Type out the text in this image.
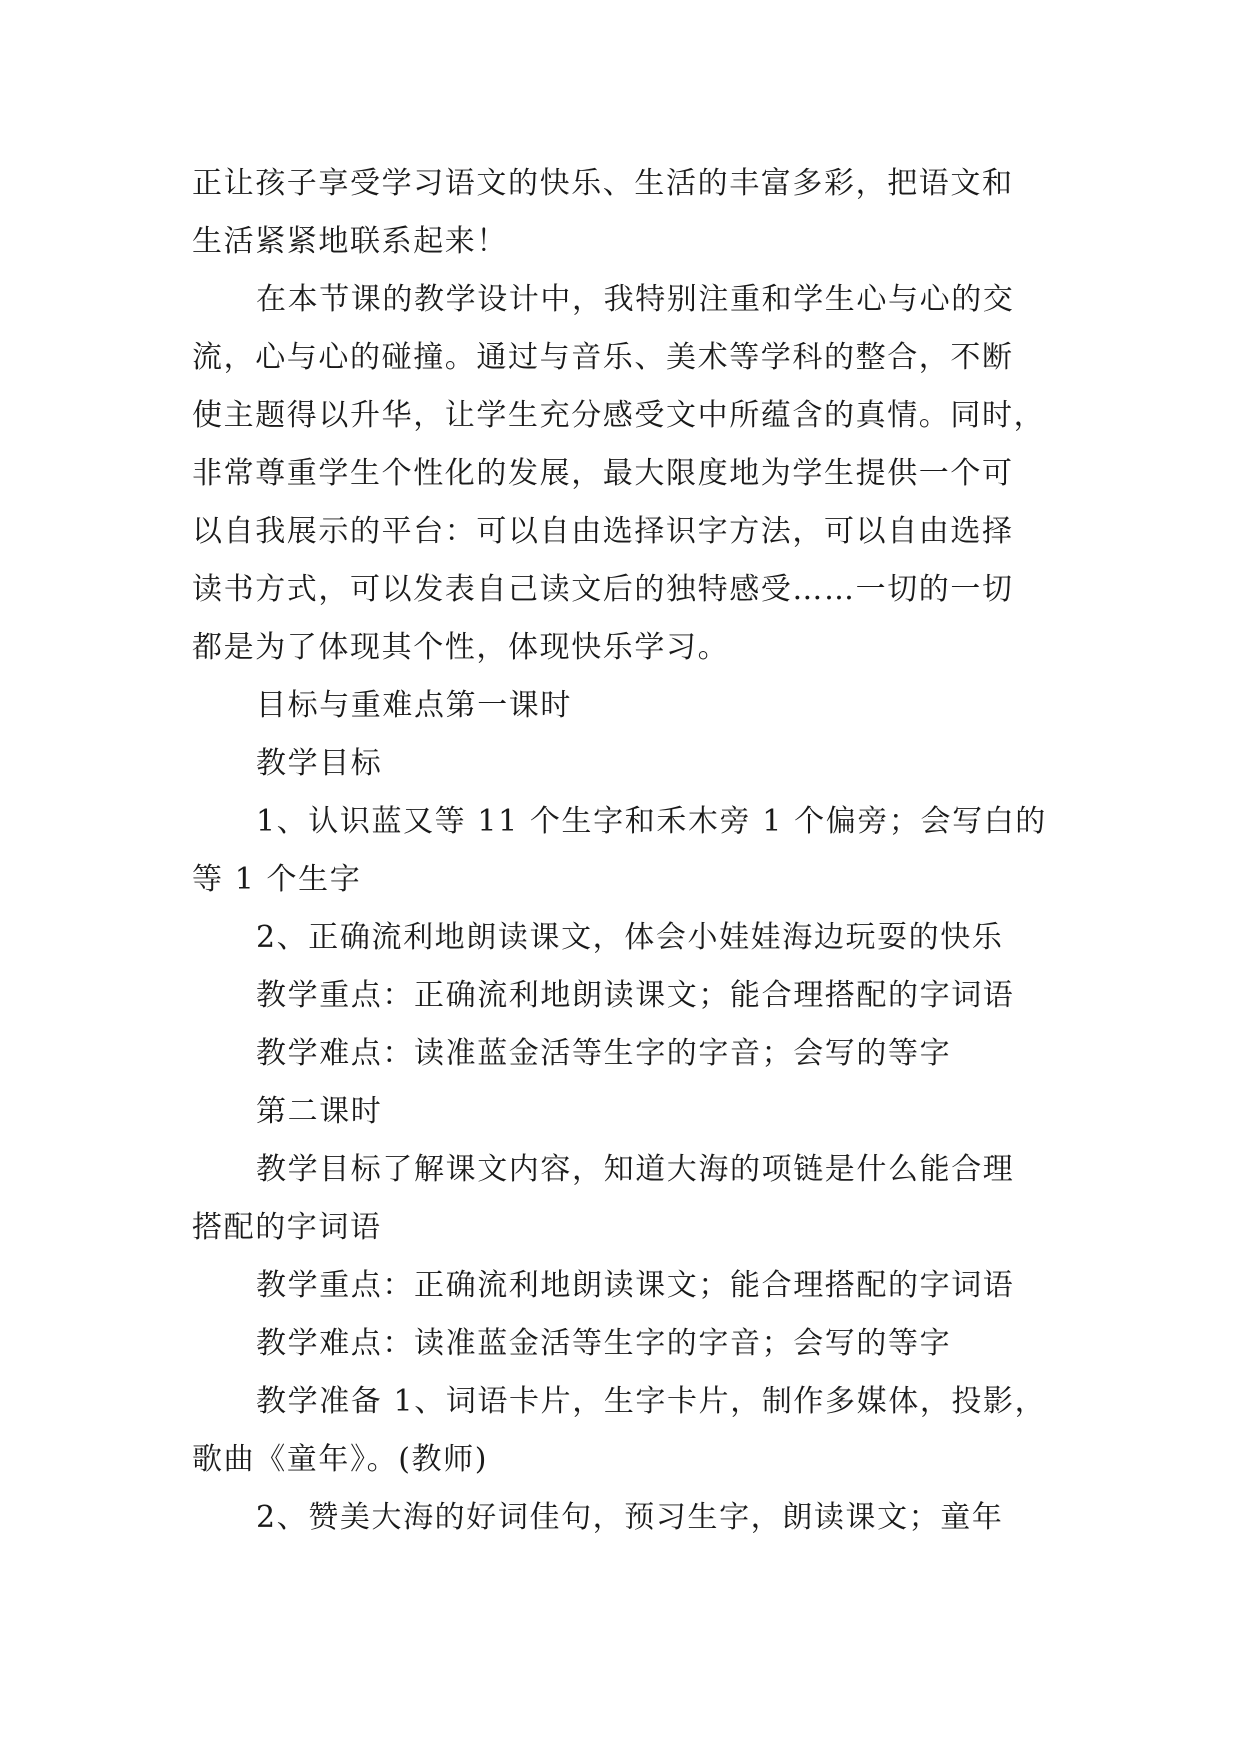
正让孩子享受学习语文的快乐、生活的丰富多彩，把语文和
生活紧紧地联系起来！
在本节课的教学设计中，我特别注重和学生心与心的交
流，心与心的碰撞。通过与音乐、美术等学科的整合，不断
使主题得以升华，让学生充分感受文中所蕴含的真情。同时，
非常尊重学生个性化的发展，最大限度地为学生提供一个可
以自我展示的平台：可以自由选择识字方法，可以自由选择
读书方式，可以发表自己读文后的独特感受……一切的一切
都是为了体现其个性，体现快乐学习。
目标与重难点第一课时
教学目标
1、认识蓝又等 11 个生字和禾木旁 1 个偏旁；会写白的
等 1 个生字
2、正确流利地朗读课文，体会小娃娃海边玩耍的快乐
教学重点：正确流利地朗读课文；能合理搭配的字词语
教学难点：读准蓝金活等生字的字音；会写的等字
第二课时
教学目标了解课文内容，知道大海的项链是什么能合理
搭配的字词语
教学重点：正确流利地朗读课文；能合理搭配的字词语
教学难点：读准蓝金活等生字的字音；会写的等字
教学准备 1、词语卡片，生字卡片，制作多媒体，投影，
歌曲《童年》。(教师)
2、赞美大海的好词佳句，预习生字，朗读课文；童年
